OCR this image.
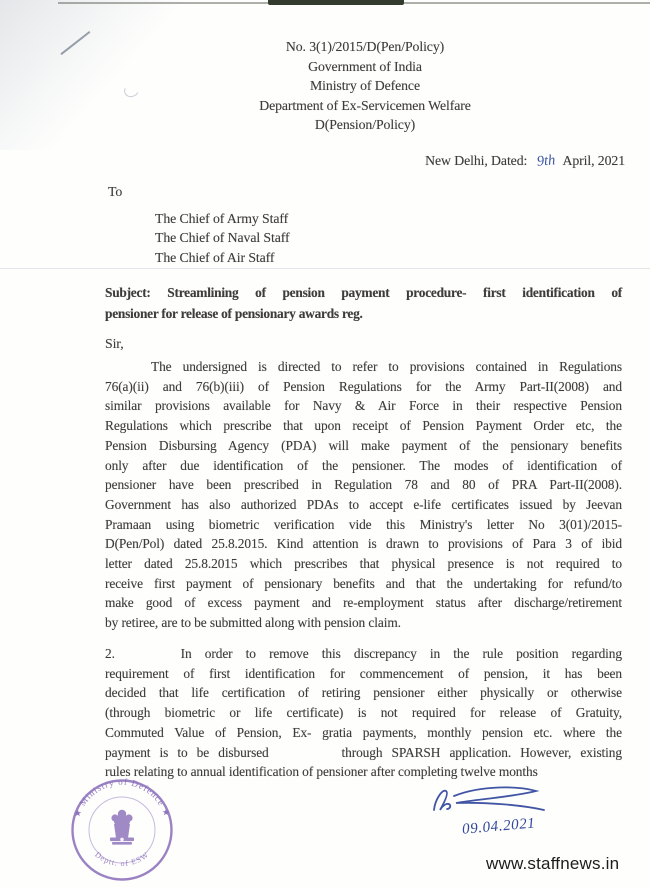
No. 3(1)/2015/D(Pen/Policy)
Government of India
Ministry of Defence
Department of Ex-Servicemen Welfare
D(Pension/Policy)
New Delhi, Dated: 9th April, 2021
To
The Chief of Army Staff
The Chief of Naval Staff
The Chief of Air Staff
Subject: Streamlining of pension payment procedure- first identification of
pensioner for release of pensionary awards reg.
Sir,
The undersigned is directed to refer to provisions contained in Regulations
76(a)(ii) and 76(b)(iii) of Pension Regulations for the Army Part-II(2008) and
similar provisions available for Navy & Air Force in their respective Pension
Regulations which prescribe that upon receipt of Pension Payment Order etc, the
Pension Disbursing Agency (PDA) will make payment of the pensionary benefits
only after due identification of the pensioner. The modes of identification of
pensioner have been prescribed in Regulation 78 and 80 of PRA Part-II(2008).
Government has also authorized PDAs to accept e-life certificates issued by Jeevan
Pramaan using biometric verification vide this Ministry's letter No 3(01)/2015-
D(Pen/Pol) dated 25.8.2015. Kind attention is drawn to provisions of Para 3 of ibid
letter dated 25.8.2015 which prescribes that physical presence is not required to
receive first payment of pensionary benefits and that the undertaking for refund/to
make good of excess payment and re-employment status after discharge/retirement
by retiree, are to be submitted along with pension claim.
2.     In order to remove this discrepancy in the rule position regarding
requirement of first identification for commencement of pension, it has been
decided that life certification of retiring pensioner either physically or otherwise
(through biometric or life certificate) is not required for release of Gratuity,
Commuted Value of Pension, Ex- gratia payments, monthly pension etc. where the
payment is to be disbursed        through SPARSH application. However, existing
rules relating to annual identification of pensioner after completing twelve months
★ Ministry of Defence ★
Deptt. of ESW
09.04.2021
www.staffnews.in
